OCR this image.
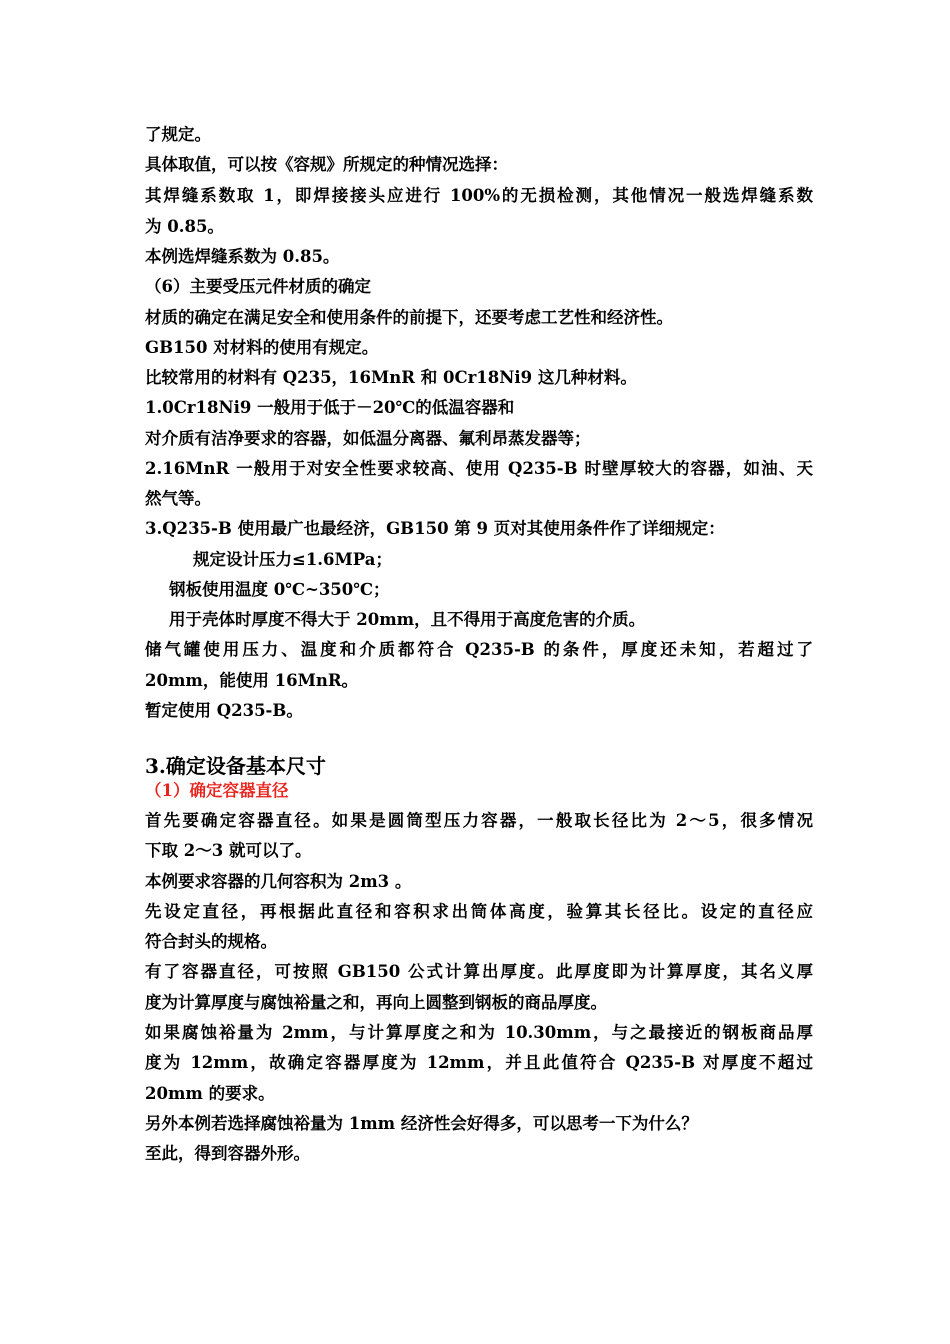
了规定。
具体取值，可以按《容规》所规定的种情况选择：
其焊缝系数取 1，即焊接接头应进行 100%的无损检测，其他情况一般选焊缝系数
为 0.85。
本例选焊缝系数为 0.85。
（6）主要受压元件材质的确定
材质的确定在满足安全和使用条件的前提下，还要考虑工艺性和经济性。
GB150 对材料的使用有规定。
比较常用的材料有 Q235，16MnR 和 0Cr18Ni9 这几种材料。
1.0Cr18Ni9 一般用于低于－20℃的低温容器和
对介质有洁净要求的容器，如低温分离器、氟利昂蒸发器等；
2.16MnR 一般用于对安全性要求较高、使用 Q235-B 时壁厚较大的容器，如油、天
然气等。
3.Q235-B 使用最广也最经济，GB150 第 9 页对其使用条件作了详细规定：
规定设计压力≤1.6MPa；
钢板使用温度 0℃~350℃；
用于壳体时厚度不得大于 20mm，且不得用于高度危害的介质。
储气罐使用压力、温度和介质都符合 Q235-B 的条件，厚度还未知，若超过了
20mm，能使用 16MnR。
暂定使用 Q235-B。
3.确定设备基本尺寸
（1）确定容器直径
首先要确定容器直径。如果是圆筒型压力容器，一般取长径比为 2～5，很多情况
下取 2～3 就可以了。
本例要求容器的几何容积为 2m3 。
先设定直径，再根据此直径和容积求出筒体高度，验算其长径比。设定的直径应
符合封头的规格。
有了容器直径，可按照 GB150 公式计算出厚度。此厚度即为计算厚度，其名义厚
度为计算厚度与腐蚀裕量之和，再向上圆整到钢板的商品厚度。
如果腐蚀裕量为 2mm，与计算厚度之和为 10.30mm，与之最接近的钢板商品厚
度为 12mm，故确定容器厚度为 12mm，并且此值符合 Q235-B 对厚度不超过
20mm 的要求。
另外本例若选择腐蚀裕量为 1mm 经济性会好得多，可以思考一下为什么？
至此，得到容器外形。
